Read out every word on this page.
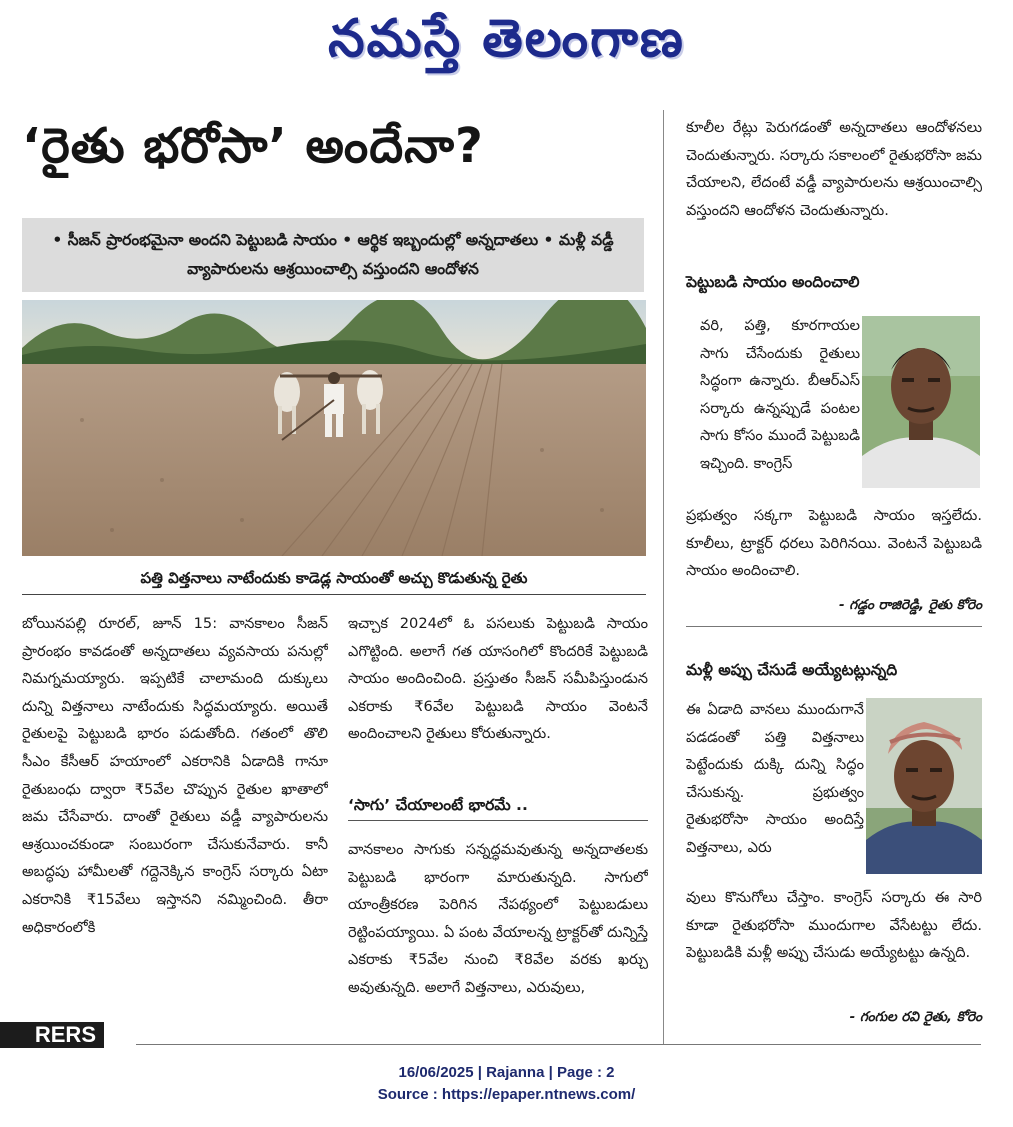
నమస్తే తెలంగాణ
‘రైతు భరోసా’ అందేనా?
• సీజన్ ప్రారంభమైనా అందని పెట్టుబడి సాయం • ఆర్థిక ఇబ్బందుల్లో అన్నదాతలు • మళ్లీ వడ్డీ వ్యాపారులను ఆశ్రయించాల్సి వస్తుందని ఆందోళన
పత్తి విత్తనాలు నాటేందుకు కాడెడ్ల సాయంతో అచ్చు కొడుతున్న రైతు

బోయినపల్లి రూరల్, జూన్ 15: వానకాలం సీజన్ ప్రారంభం కావడంతో అన్నదాతలు వ్యవసాయ పనుల్లో నిమగ్నమయ్యారు. ఇప్పటికే చాలామంది దుక్కులు దున్ని విత్తనాలు నాటేందుకు సిద్ధమయ్యారు. అయితే రైతులపై పెట్టుబడి భారం పడుతోంది. గతంలో తొలి సీఎం కేసీఆర్ హయాంలో ఎకరానికి ఏడాదికి గానూ రైతుబంధు ద్వారా ₹5వేల చొప్పున రైతుల ఖాతాలో జమ చేసేవారు. దాంతో రైతులు వడ్డీ వ్యాపారులను ఆశ్రయించకుండా సంబురంగా చేసుకునేవారు. కానీ అబద్ధపు హామీలతో గద్దెనెక్కిన కాంగ్రెస్ సర్కారు ఏటా ఎకరానికి ₹15వేలు ఇస్తానని నమ్మించింది. తీరా అధికారంలోకి

ఇచ్చాక 2024లో ఓ పసలుకు పెట్టుబడి సాయం ఎగొట్టింది. అలాగే గత యాసంగిలో కొందరికే పెట్టుబడి సాయం అందించింది. ప్రస్తుతం సీజన్ సమీపిస్తుండున ఎకరాకు ₹6వేల పెట్టుబడి సాయం వెంటనే అందించాలని రైతులు కోరుతున్నారు.

‘సాగు’ చేయాలంటే భారమే ..

వానకాలం సాగుకు సన్నద్ధమవుతున్న అన్నదాతలకు పెట్టుబడి భారంగా మారుతున్నది. సాగులో యాంత్రీకరణ పెరిగిన నేపథ్యంలో పెట్టుబడులు రెట్టింపయ్యాయి. ఏ పంట వేయాలన్న ట్రాక్టర్‌తో దున్నిస్తే ఎకరాకు ₹5వేల నుంచి ₹8వేల వరకు ఖర్చు అవుతున్నది. అలాగే విత్తనాలు, ఎరువులు,

కూలీల రేట్లు పెరుగడంతో అన్నదాతలు ఆందోళనలు చెందుతున్నారు. సర్కారు సకాలంలో రైతుభరోసా జమ చేయాలని, లేదంటే వడ్డీ వ్యాపారులను ఆశ్రయించాల్సి వస్తుందని ఆందోళన చెందుతున్నారు.

పెట్టుబడి సాయం అందించాలి
వరి, పత్తి, కూరగాయల సాగు చేసేందుకు రైతులు సిద్ధంగా ఉన్నారు. బీఆర్‌ఎస్ సర్కారు ఉన్నప్పుడే పంటల సాగు కోసం ముందే పెట్టుబడి ఇచ్చింది. కాంగ్రెస్
ప్రభుత్వం సక్కగా పెట్టుబడి సాయం ఇస్తలేదు. కూలీలు, ట్రాక్టర్ ధరలు పెరిగినయి. వెంటనే పెట్టుబడి సాయం అందించాలి.
- గడ్డం రాజిరెడ్డి, రైతు కోరెం
మళ్లీ అప్పు చేసుడే అయ్యేటట్లున్నది
ఈ ఏడాది వానలు ముందుగానే పడడంతో పత్తి విత్తనాలు పెట్టేందుకు దుక్కి దున్ని సిద్ధం చేసుకున్న. ప్రభుత్వం రైతుభరోసా సాయం అందిస్తే విత్తనాలు, ఎరు
వులు కొనుగోలు చేస్తాం. కాంగ్రెస్ సర్కారు ఈ సారి కూడా రైతుభరోసా ముందుగాల వేసేటట్టు లేదు. పెట్టుబడికి మళ్లీ అప్పు చేసుడు అయ్యేటట్టు ఉన్నది.
- గంగుల రవి రైతు, కోరెం
RERS
16/06/2025 | Rajanna | Page : 2
Source : https://epaper.ntnews.com/
